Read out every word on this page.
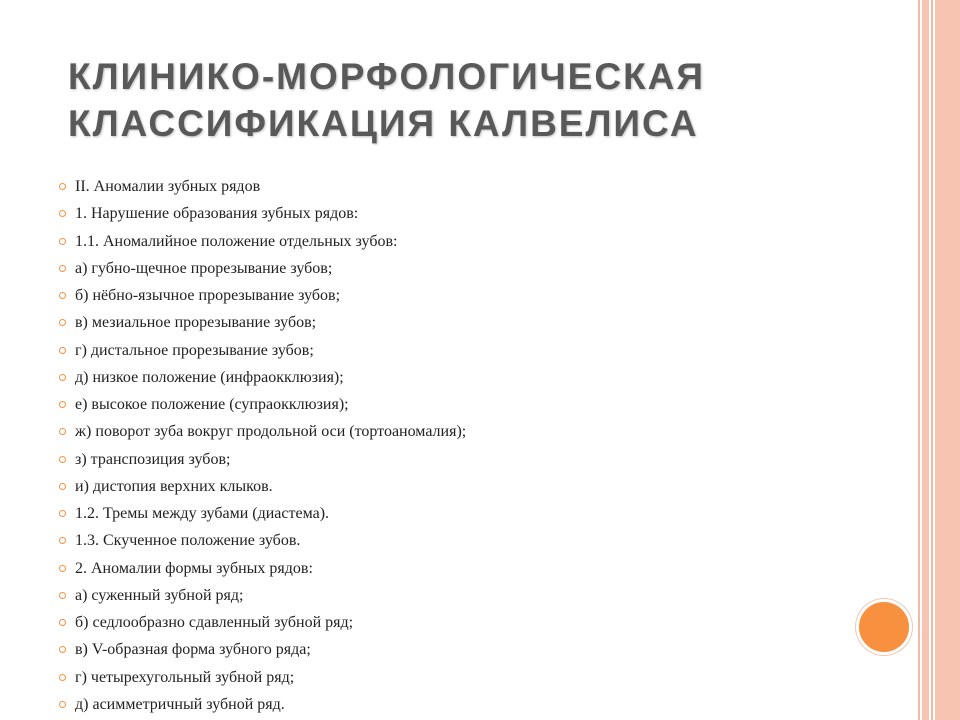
КЛИНИКО-МОРФОЛОГИЧЕСКАЯ
КЛАССИФИКАЦИЯ КАЛВЕЛИСА
II. Аномалии зубных рядов
1. Нарушение образования зубных рядов:
1.1. Аномалийное положение отдельных зубов:
а) губно-щечное прорезывание зубов;
б) нёбно-язычное прорезывание зубов;
в) мезиальное прорезывание зубов;
г) дистальное прорезывание зубов;
д) низкое положение (инфраокклюзия);
е) высокое положение (супраокклюзия);
ж) поворот зуба вокруг продольной оси (тортоаномалия);
з) транспозиция зубов;
и) дистопия верхних клыков.
1.2. Тремы между зубами (диастема).
1.3. Скученное положение зубов.
2. Аномалии формы зубных рядов:
а) суженный зубной ряд;
б) седлообразно сдавленный зубной ряд;
в) V-образная форма зубного ряда;
г) четырехугольный зубной ряд;
д) асимметричный зубной ряд.
